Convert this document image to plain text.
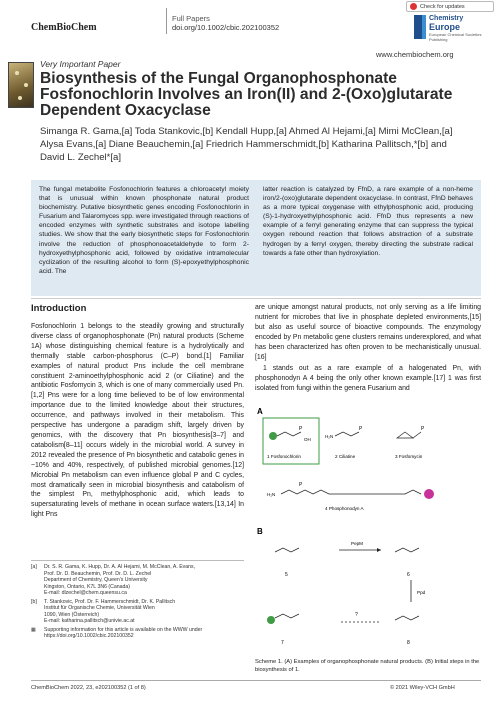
ChemBioChem
Full Papers
doi.org/10.1002/cbic.202100352
Check for updates
Chemistry
Europe
European Chemical Societies Publishing
www.chembiochem.org
Very Important Paper
Biosynthesis of the Fungal Organophosphonate Fosfonochlorin Involves an Iron(II) and 2-(Oxo)glutarate Dependent Oxacyclase
Simanga R. Gama,[a] Toda Stankovic,[b] Kendall Hupp,[a] Ahmed Al Hejami,[a] Mimi McClean,[a]
Alysa Evans,[a] Diane Beauchemin,[a] Friedrich Hammerschmidt,[b] Katharina Pallitsch,*[b] and
David L. Zechel*[a]

The fungal metabolite Fosfonochlorin features a chloroacetyl moiety that is unusual within known phosphonate natural product biochemistry. Putative biosynthetic genes encoding Fosfonochlorin in Fusarium and Talaromyces spp. were investigated through reactions of encoded enzymes with synthetic substrates and isotope labelling studies. We show that the early biosynthetic steps for Fosfonochlorin involve the reduction of phosphonoacetaldehyde to form 2-hydroxyethylphosphonic acid, followed by oxidative intramolecular cyclization of the resulting alcohol to form (S)-epoxyethylphosphonic acid. The

latter reaction is catalyzed by FfnD, a rare example of a non-heme iron/2-(oxo)glutarate dependent oxacyclase. In contrast, FfnD behaves as a more typical oxygenase with ethylphosphonic acid, producing (S)-1-hydroxyethylphosphonic acid. FfnD thus represents a new example of a ferryl generating enzyme that can suppress the typical oxygen rebound reaction that follows abstraction of a substrate hydrogen by a ferryl oxygen, thereby directing the substrate radical towards a fate other than hydroxylation.

Introduction
Fosfonochlorin 1 belongs to the steadily growing and structurally diverse class of organophosphonate (Pn) natural products (Scheme 1A) whose distinguishing chemical feature is a hydrolytically and thermally stable carbon-phosphorus (C–P) bond.[1] Familiar examples of natural product Pns include the cell membrane constituent 2-aminoethylphosphonic acid 2 (or Ciliatine) and the antibiotic Fosfomycin 3, which is one of many commercially used Pn.[1,2] Pns were for a long time believed to be of low environmental importance due to the limited knowledge about their structures, occurrence, and pathways involved in their metabolism. This perspective has undergone a paradigm shift, largely driven by genomics, with the discovery that Pn biosynthesis[3–7] and catabolism[8–11] occurs widely in the microbial world. A survey in 2012 revealed the presence of Pn biosynthetic and catabolic genes in ~10% and 40%, respectively, of published microbial genomes.[12] Microbial Pn metabolism can even influence global P and C cycles, most dramatically seen in microbial biosynthesis and catabolism of the simplest Pn, methylphosphonic acid, which leads to supersaturating levels of methane in ocean surface waters.[13,14] In light Pns

are unique amongst natural products, not only serving as a life limiting nutrient for microbes that live in phosphate depleted environments,[15] but also as useful source of bioactive compounds. The enzymology encoded by Pn metabolic gene clusters remains underexplored, and what has been characterized has often proven to be mechanistically unusual.[16]

1 stands out as a rare example of a halogenated Pn, with phosphonodyn A 4 being the only other known example.[17] 1 was first isolated from fungi within the genera Fusarium and

[a]	Dr. S. R. Gama, K. Hupp, Dr. A. Al Hejami, M. McClean, A. Evans,
Prof. Dr. D. Beauchemin, Prof. Dr. D. L. Zechel
Department of Chemistry, Queen's University
Kingston, Ontario, K7L 3N6 (Canada)
E-mail: dlzechel@chem.queensu.ca
[b]	T. Stankovic, Prof. Dr. F. Hammerschmidt, Dr. K. Pallitsch
Institut für Organische Chemie, Universität Wien
1090, Wien (Österreich)
E-mail: katharina.pallitsch@univie.ac.at
▦	Supporting information for this article is available on the WWW under
https://doi.org/10.1002/cbic.202100352
A
P
OH
1 Fosfonochlorin
H₂N
P
2 Ciliatine
P
3 Fosfomycin
H₂N
P
4 Phosphonodyn A
B
5
PepM
6
Ppd
7
?
8
Scheme 1. (A) Examples of organophosphonate natural products. (B) Initial steps in the biosynthesis of 1.
ChemBioChem 2022, 23, e202100352 (1 of 8)	© 2021 Wiley-VCH GmbH
